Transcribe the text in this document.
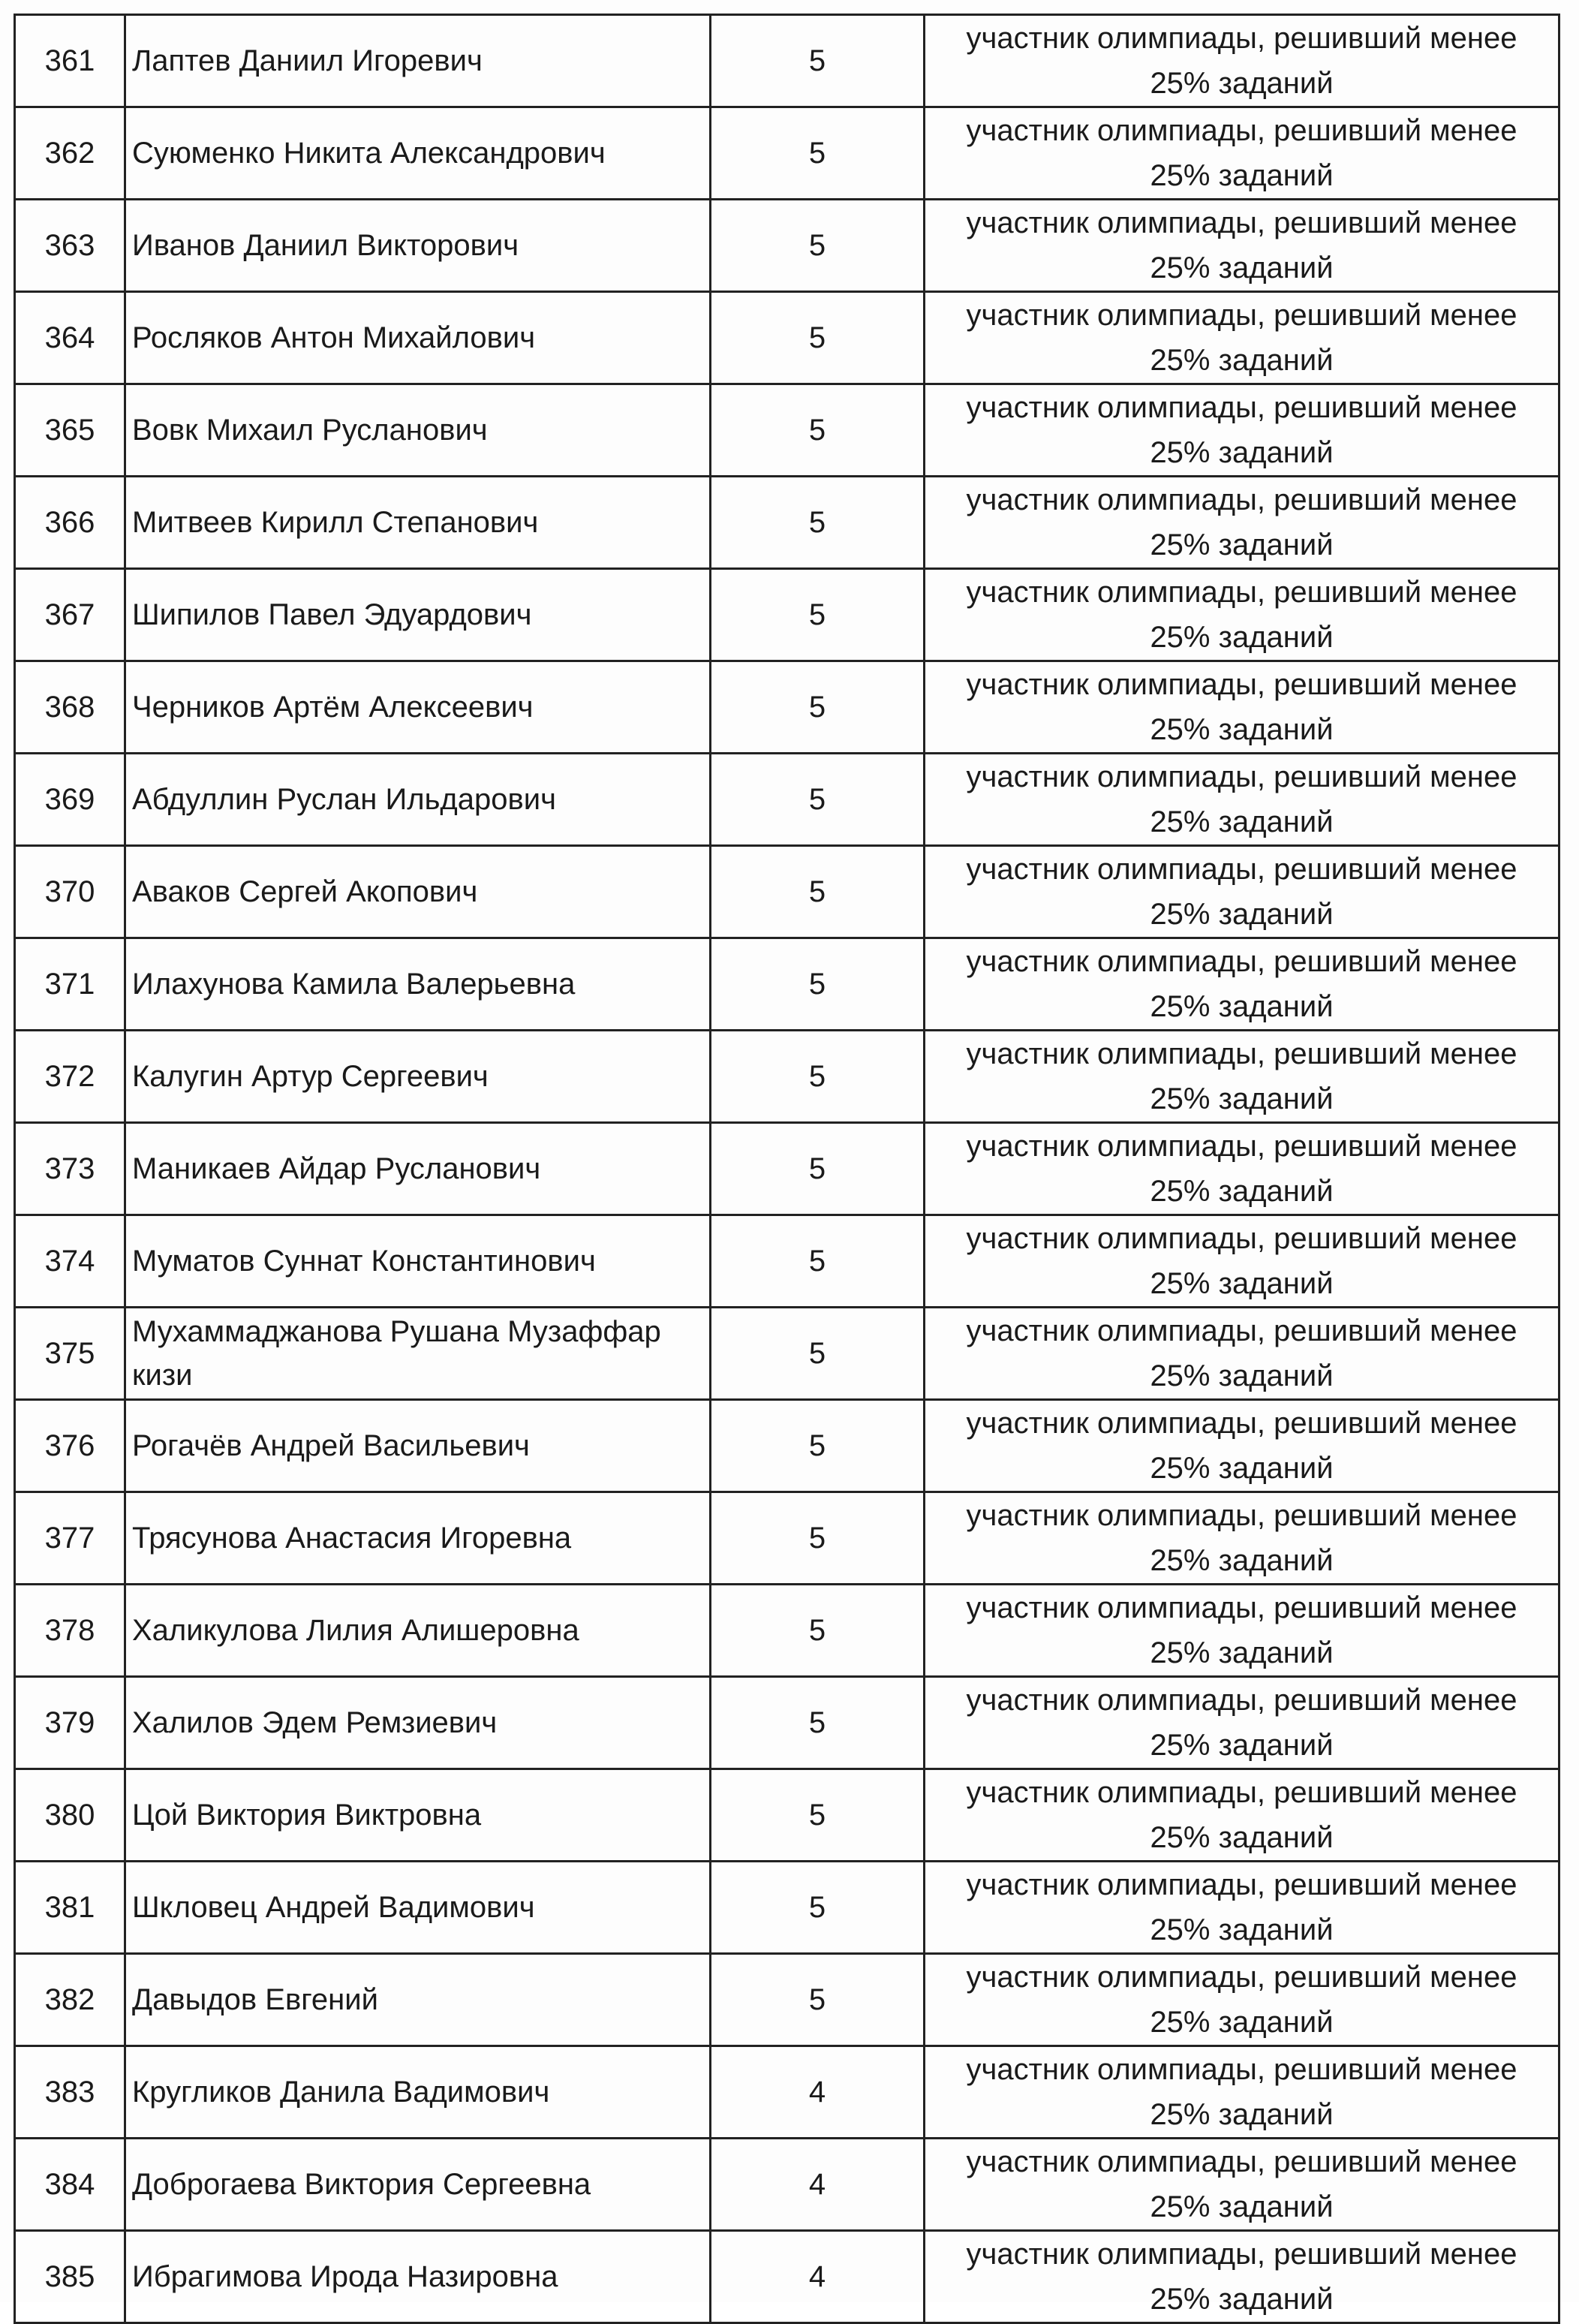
361	Лаптев Даниил Игоревич	5	участник олимпиады, решивший менее
25% заданий
362	Суюменко Никита Александрович	5	участник олимпиады, решивший менее
25% заданий
363	Иванов Даниил Викторович	5	участник олимпиады, решивший менее
25% заданий
364	Росляков Антон Михайлович	5	участник олимпиады, решивший менее
25% заданий
365	Вовк Михаил Русланович	5	участник олимпиады, решивший менее
25% заданий
366	Митвеев Кирилл Степанович	5	участник олимпиады, решивший менее
25% заданий
367	Шипилов Павел Эдуардович	5	участник олимпиады, решивший менее
25% заданий
368	Черников Артём Алексеевич	5	участник олимпиады, решивший менее
25% заданий
369	Абдуллин Руслан Ильдарович	5	участник олимпиады, решивший менее
25% заданий
370	Аваков Сергей Акопович	5	участник олимпиады, решивший менее
25% заданий
371	Илахунова Камила Валерьевна	5	участник олимпиады, решивший менее
25% заданий
372	Калугин Артур Сергеевич	5	участник олимпиады, решивший менее
25% заданий
373	Маникаев Айдар Русланович	5	участник олимпиады, решивший менее
25% заданий
374	Муматов Суннат Константинович	5	участник олимпиады, решивший менее
25% заданий
375	Мухаммаджанова Рушана Музаффар кизи	5	участник олимпиады, решивший менее
25% заданий
376	Рогачёв Андрей Васильевич	5	участник олимпиады, решивший менее
25% заданий
377	Трясунова Анастасия Игоревна	5	участник олимпиады, решивший менее
25% заданий
378	Халикулова Лилия Алишеровна	5	участник олимпиады, решивший менее
25% заданий
379	Халилов Эдем Ремзиевич	5	участник олимпиады, решивший менее
25% заданий
380	Цой Виктория Виктровна	5	участник олимпиады, решивший менее
25% заданий
381	Шкловец Андрей Вадимович	5	участник олимпиады, решивший менее
25% заданий
382	Давыдов Евгений	5	участник олимпиады, решивший менее
25% заданий
383	Кругликов Данила Вадимович	4	участник олимпиады, решивший менее
25% заданий
384	Доброгаева Виктория Сергеевна	4	участник олимпиады, решивший менее
25% заданий
385	Ибрагимова Ирода Назировна	4	участник олимпиады, решивший менее
25% заданий
